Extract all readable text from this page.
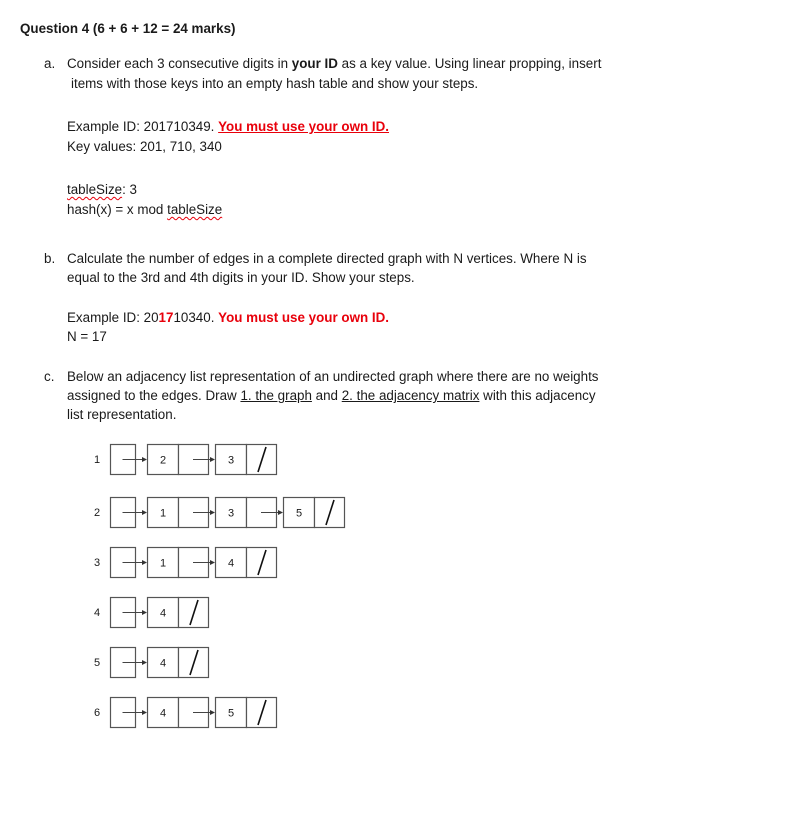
Question 4 (6 + 6 + 12 = 24 marks)
a. Consider each 3 consecutive digits in your ID as a key value. Using linear propping, insert
items with those keys into an empty hash table and show your steps.
Example ID: 201710349. You must use your own ID.
Key values: 201, 710, 340
tableSize: 3
hash(x) = x mod tableSize
b. Calculate the number of edges in a complete directed graph with N vertices. Where N is
equal to the 3rd and 4th digits in your ID. Show your steps.
Example ID: 201710340. You must use your own ID.
N = 17
c. Below an adjacency list representation of an undirected graph where there are no weights
assigned to the edges. Draw 1. the graph and 2. the adjacency matrix with this adjacency
list representation.
1	2	3
2	1	3	5
3	1	4
4	4
5	4
6	4	5
